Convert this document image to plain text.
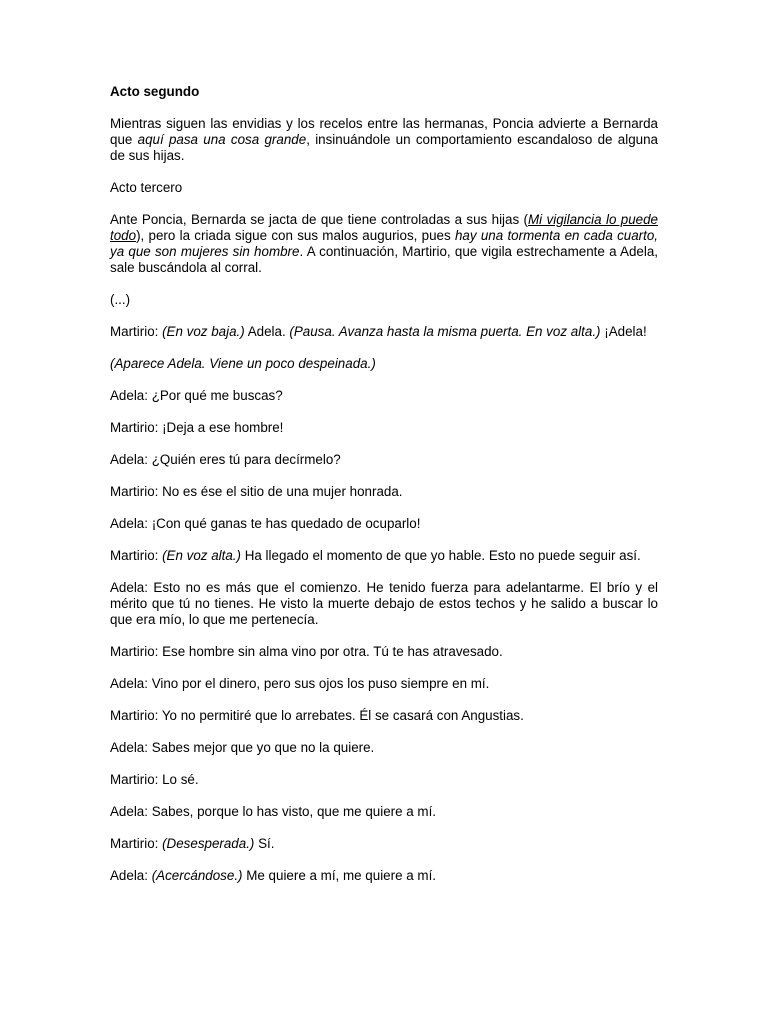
Acto segundo

Mientras siguen las envidias y los recelos entre las hermanas, Poncia advierte a Bernarda que aquí pasa una cosa grande, insinuándole un comportamiento escandaloso de alguna de sus hijas.

Acto tercero

Ante Poncia, Bernarda se jacta de que tiene controladas a sus hijas (Mi vigilancia lo puede todo), pero la criada sigue con sus malos augurios, pues hay una tormenta en cada cuarto, ya que son mujeres sin hombre. A continuación, Martirio, que vigila estrechamente a Adela, sale buscándola al corral.

(...)

Martirio: (En voz baja.) Adela. (Pausa. Avanza hasta la misma puerta. En voz alta.) ¡Adela!

(Aparece Adela. Viene un poco despeinada.)

Adela: ¿Por qué me buscas?

Martirio: ¡Deja a ese hombre!

Adela: ¿Quién eres tú para decírmelo?

Martirio: No es ése el sitio de una mujer honrada.

Adela: ¡Con qué ganas te has quedado de ocuparlo!

Martirio: (En voz alta.) Ha llegado el momento de que yo hable. Esto no puede seguir así.

Adela: Esto no es más que el comienzo. He tenido fuerza para adelantarme. El brío y el mérito que tú no tienes. He visto la muerte debajo de estos techos y he salido a buscar lo que era mío, lo que me pertenecía.

Martirio: Ese hombre sin alma vino por otra. Tú te has atravesado.

Adela: Vino por el dinero, pero sus ojos los puso siempre en mí.

Martirio: Yo no permitiré que lo arrebates. Él se casará con Angustias.

Adela: Sabes mejor que yo que no la quiere.

Martirio: Lo sé.

Adela: Sabes, porque lo has visto, que me quiere a mí.

Martirio: (Desesperada.) Sí.

Adela: (Acercándose.) Me quiere a mí, me quiere a mí.
